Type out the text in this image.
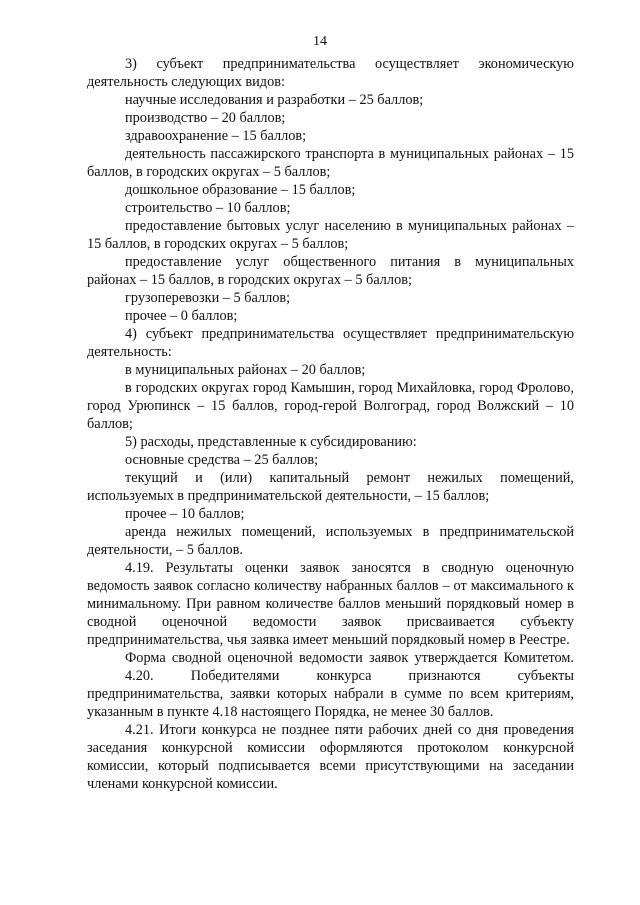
14

3) субъект предпринимательства осуществляет экономическую деятельность следующих видов:

научные исследования и разработки – 25 баллов;

производство – 20 баллов;

здравоохранение – 15 баллов;

деятельность пассажирского транспорта в муниципальных районах – 15 баллов, в городских округах – 5 баллов;

дошкольное образование – 15 баллов;

строительство – 10 баллов;

предоставление бытовых услуг населению в муниципальных районах – 15 баллов, в городских округах – 5 баллов;

предоставление услуг общественного питания в муниципальных районах – 15 баллов, в городских округах – 5 баллов;

грузоперевозки – 5 баллов;

прочее – 0 баллов;

4) субъект предпринимательства осуществляет предпринимательскую деятельность:

в муниципальных районах – 20 баллов;

в городских округах город Камышин, город Михайловка, город Фролово, город Урюпинск – 15 баллов, город-герой Волгоград, город Волжский – 10 баллов;

5) расходы, представленные к субсидированию:

основные средства – 25 баллов;

текущий и (или) капитальный ремонт нежилых помещений, используемых в предпринимательской деятельности, – 15 баллов;

прочее – 10 баллов;

аренда нежилых помещений, используемых в предпринимательской деятельности, – 5 баллов.

4.19. Результаты оценки заявок заносятся в сводную оценочную ведомость заявок согласно количеству набранных баллов – от максимального к минимальному. При равном количестве баллов меньший порядковый номер в сводной оценочной ведомости заявок присваивается субъекту предпринимательства, чья заявка имеет меньший порядковый номер в Реестре.

Форма сводной оценочной ведомости заявок утверждается Комитетом.

4.20. Победителями конкурса признаются субъекты предпринимательства, заявки которых набрали в сумме по всем критериям, указанным в пункте 4.18 настоящего Порядка, не менее 30 баллов.

4.21. Итоги конкурса не позднее пяти рабочих дней со дня проведения заседания конкурсной комиссии оформляются протоколом конкурсной комиссии, который подписывается всеми присутствующими на заседании членами конкурсной комиссии.
